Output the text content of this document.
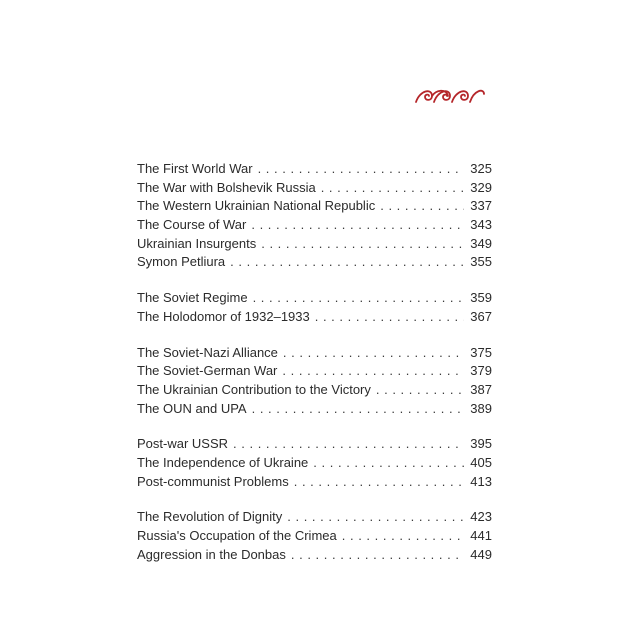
The First World War . . .	325
The War with Bolshevik Russia . . .	329
The Western Ukrainian National Republic . . .	337
The Course of War . . .	343
Ukrainian Insurgents . . .	349
Symon Petliura . . .	355
The Soviet Regime . . .	359
The Holodomor of 1932–1933 . . .	367
The Soviet-Nazi Alliance . . .	375
The Soviet-German War . . .	379
The Ukrainian Contribution to the Victory . . .	387
The OUN and UPA . . .	389
Post-war USSR . . .	395
The Independence of Ukraine . . .	405
Post-communist Problems . . .	413
The Revolution of Dignity . . .	423
Russia's Occupation of the Crimea . . .	441
Aggression in the Donbas . . .	449
